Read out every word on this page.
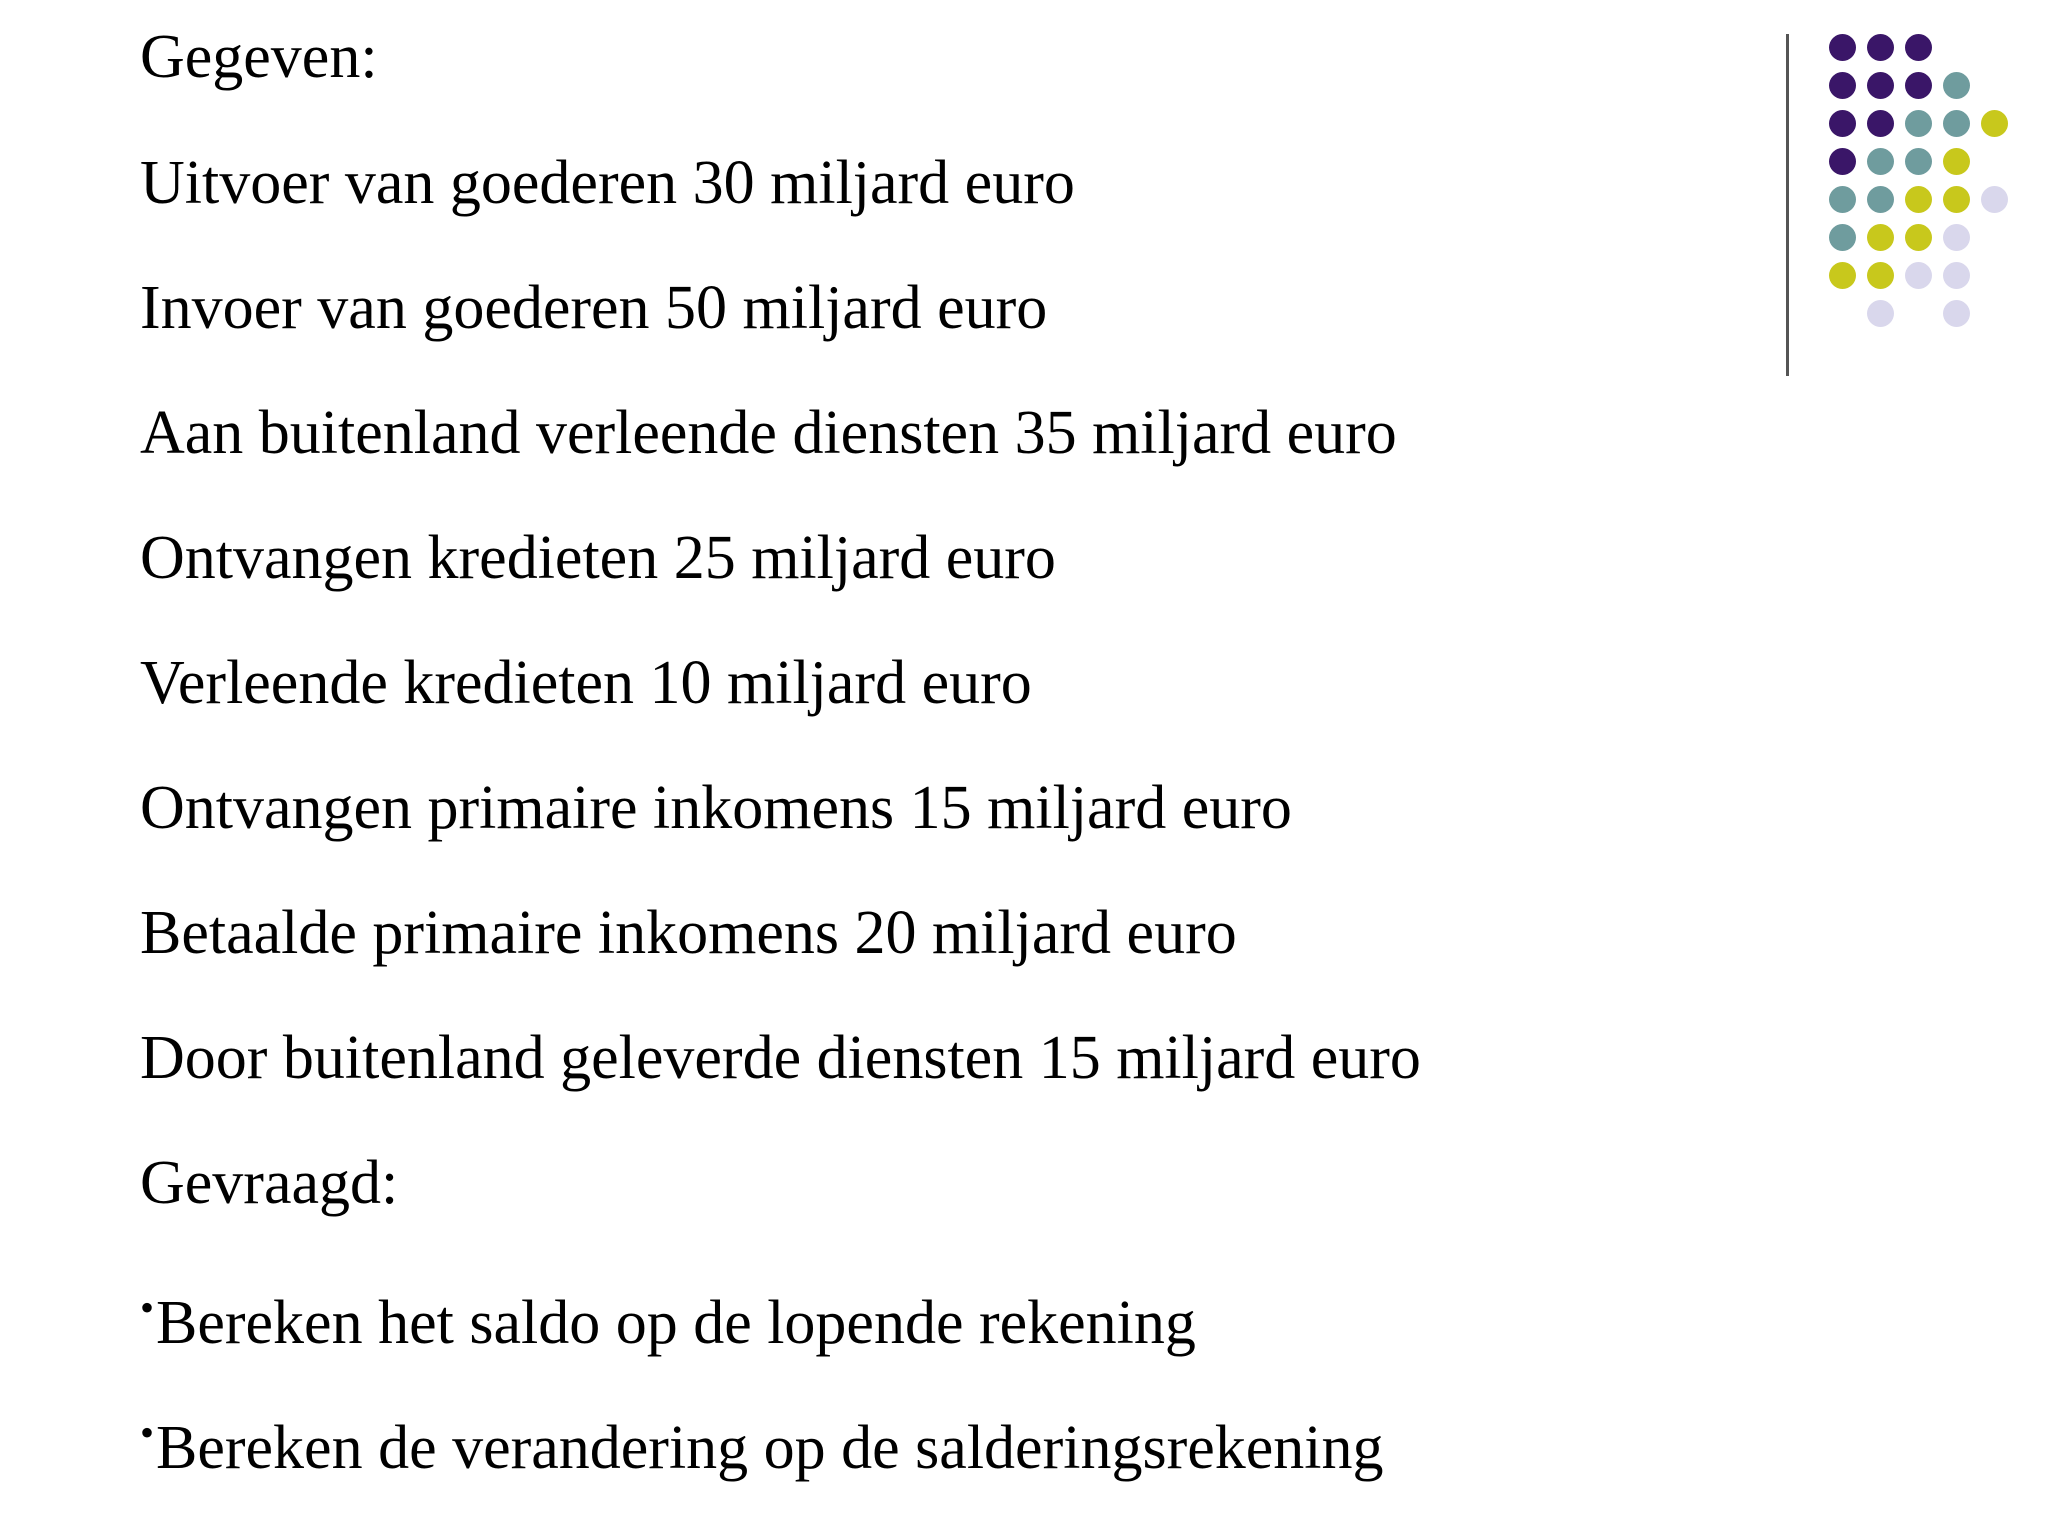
Gegeven:
Uitvoer van goederen 30 miljard euro
Invoer van goederen 50 miljard euro
Aan buitenland verleende diensten 35 miljard euro
Ontvangen kredieten 25 miljard euro
Verleende kredieten 10 miljard euro
Ontvangen primaire inkomens 15 miljard euro
Betaalde primaire inkomens 20 miljard euro
Door buitenland geleverde diensten 15 miljard euro
Gevraagd:
•Bereken het saldo op de lopende rekening
•Bereken de verandering op de salderingsrekening
